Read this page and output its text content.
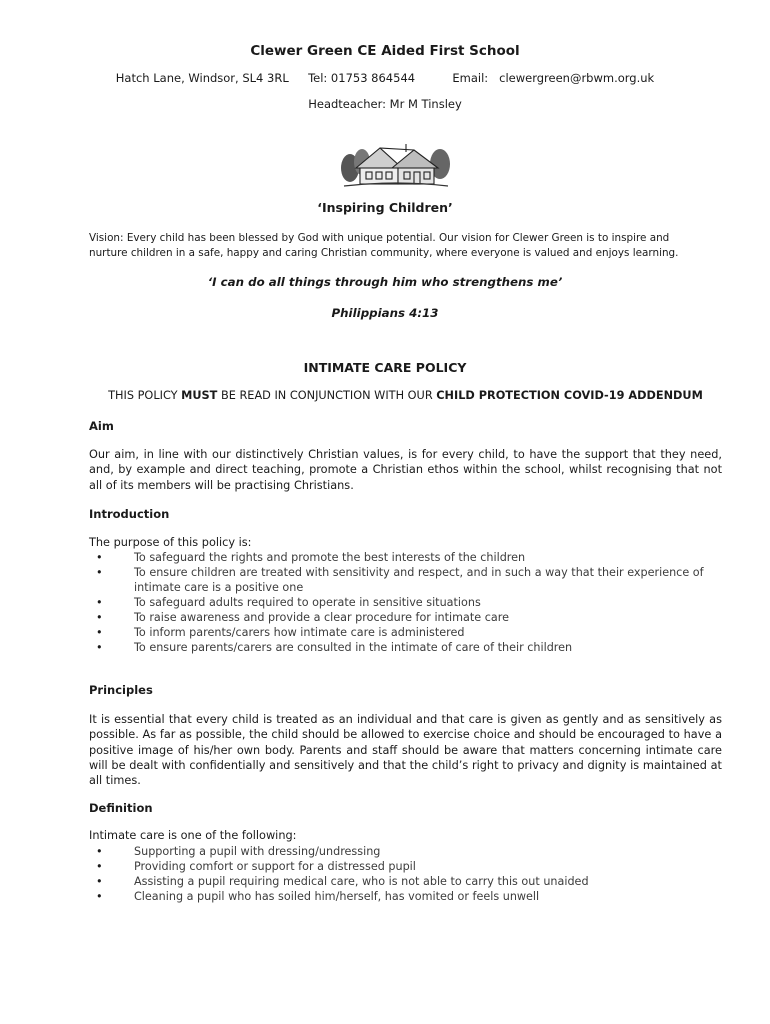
Clewer Green CE Aided First School
Hatch Lane, Windsor, SL4 3RL Tel: 01753 864544	Email:   clewergreen@rbwm.org.uk
Headteacher: Mr M Tinsley
‘Inspiring Children’
Vision: Every child has been blessed by God with unique potential. Our vision for Clewer Green is to inspire and nurture children in a safe, happy and caring Christian community, where everyone is valued and enjoys learning.
‘I can do all things through him who strengthens me’
Philippians 4:13
INTIMATE CARE POLICY
THIS POLICY MUST BE READ IN CONJUNCTION WITH OUR CHILD PROTECTION COVID-19 ADDENDUM
Aim
Our aim, in line with our distinctively Christian values, is for every child, to have the support that they need, and, by example and direct teaching, promote a Christian ethos within the school, whilst recognising that not all of its members will be practising Christians.
Introduction
The purpose of this policy is:
•	To safeguard the rights and promote the best interests of the children
•	To ensure children are treated with sensitivity and respect, and in such a way that their experience of intimate care is a positive one
•	To safeguard adults required to operate in sensitive situations
•	To raise awareness and provide a clear procedure for intimate care
•	To inform parents/carers how intimate care is administered
•	To ensure parents/carers are consulted in the intimate of care of their children
Principles
It is essential that every child is treated as an individual and that care is given as gently and as sensitively as possible. As far as possible, the child should be allowed to exercise choice and should be encouraged to have a positive image of his/her own body. Parents and staff should be aware that matters concerning intimate care will be dealt with confidentially and sensitively and that the child’s right to privacy and dignity is maintained at all times.
Definition
Intimate care is one of the following:
•	Supporting a pupil with dressing/undressing
•	Providing comfort or support for a distressed pupil
•	Assisting a pupil requiring medical care, who is not able to carry this out unaided
•	Cleaning a pupil who has soiled him/herself, has vomited or feels unwell
